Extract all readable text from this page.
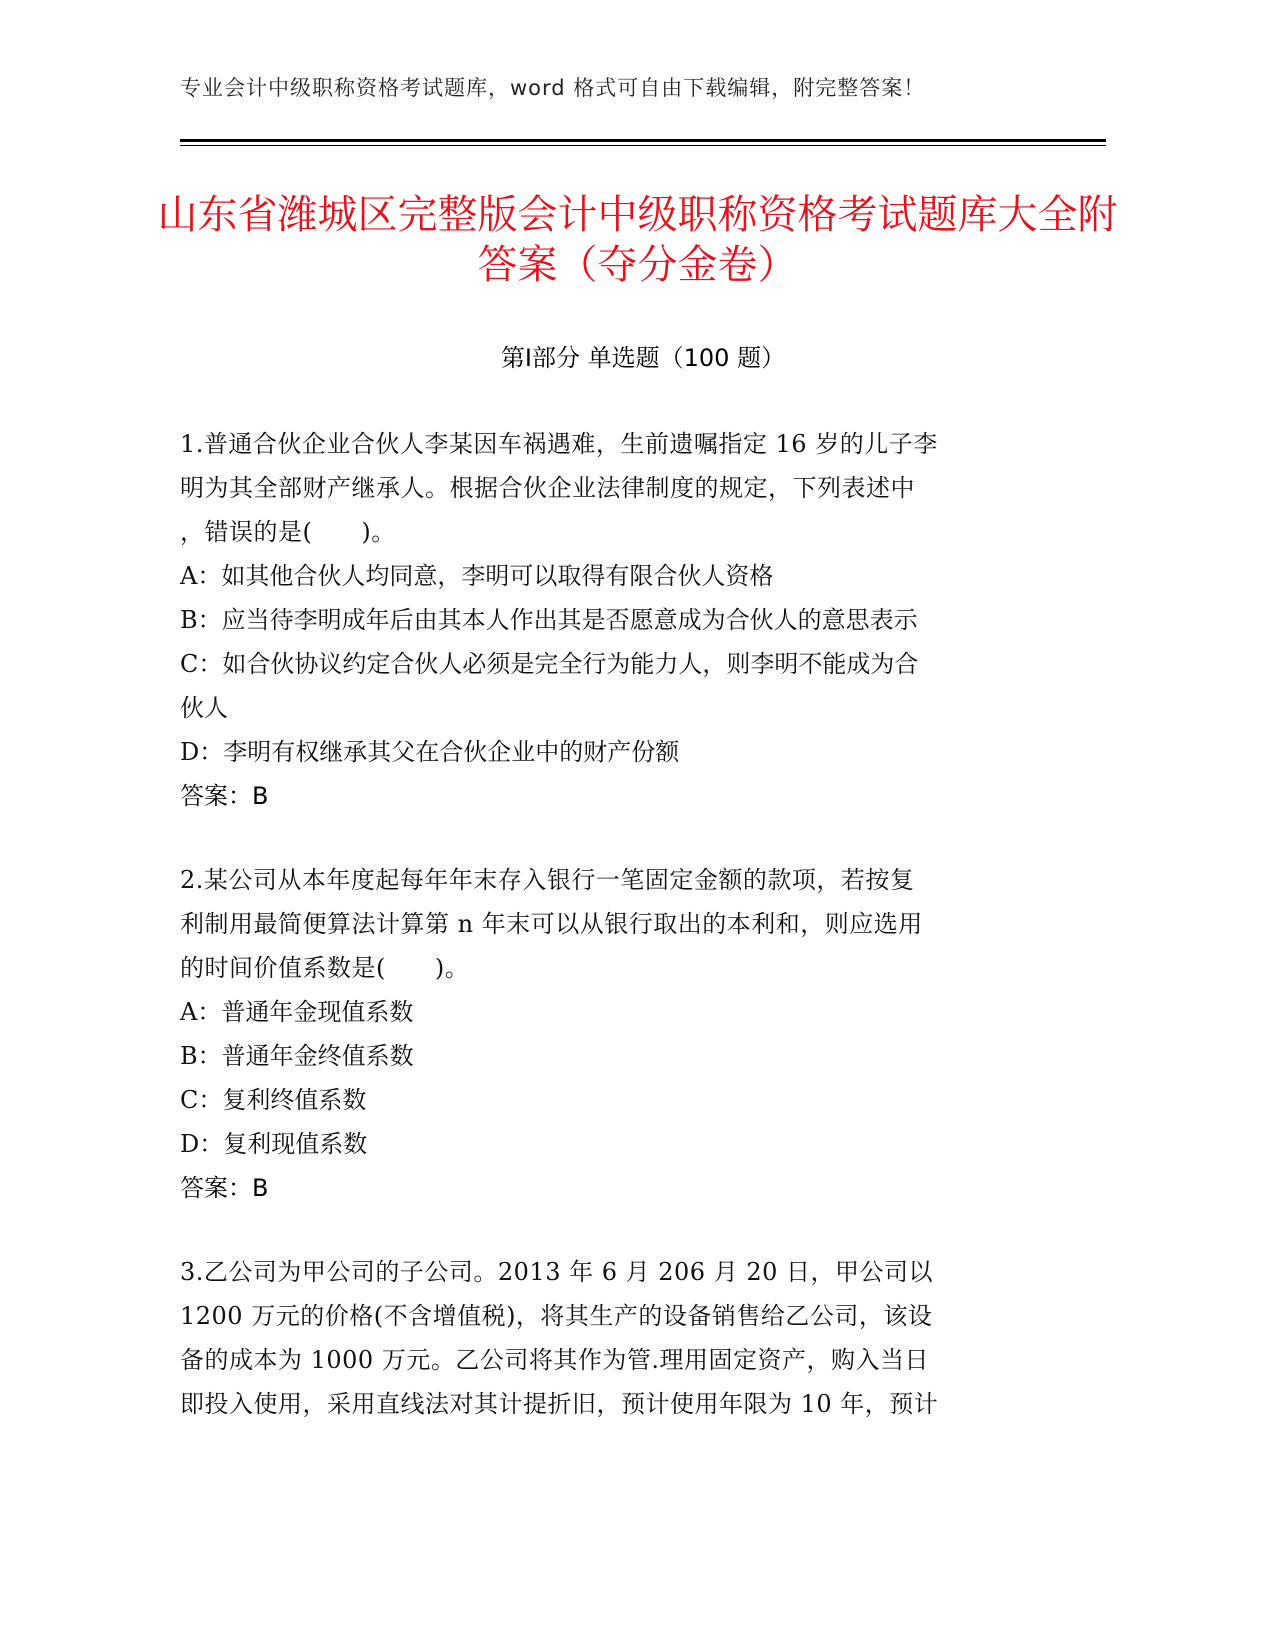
专业会计中级职称资格考试题库，word 格式可自由下载编辑，附完整答案！
山东省潍城区完整版会计中级职称资格考试题库大全附答案（夺分金卷）
第Ⅰ部分 单选题（100 题）

1.普通合伙企业合伙人李某因车祸遇难，生前遗嘱指定 16 岁的儿子李

明为其全部财产继承人。根据合伙企业法律制度的规定，下列表述中

，错误的是(　　)。

A：如其他合伙人均同意，李明可以取得有限合伙人资格

B：应当待李明成年后由其本人作出其是否愿意成为合伙人的意思表示

C：如合伙协议约定合伙人必须是完全行为能力人，则李明不能成为合

伙人

D：李明有权继承其父在合伙企业中的财产份额

答案：B

2.某公司从本年度起每年年末存入银行一笔固定金额的款项，若按复

利制用最简便算法计算第 n 年末可以从银行取出的本利和，则应选用

的时间价值系数是(　　)。

A：普通年金现值系数

B：普通年金终值系数

C：复利终值系数

D：复利现值系数

答案：B

3.乙公司为甲公司的子公司。2013 年 6 月 206 月 20 日，甲公司以

1200 万元的价格(不含增值税)，将其生产的设备销售给乙公司，该设

备的成本为 1000 万元。乙公司将其作为管.理用固定资产，购入当日

即投入使用，采用直线法对其计提折旧，预计使用年限为 10 年，预计
